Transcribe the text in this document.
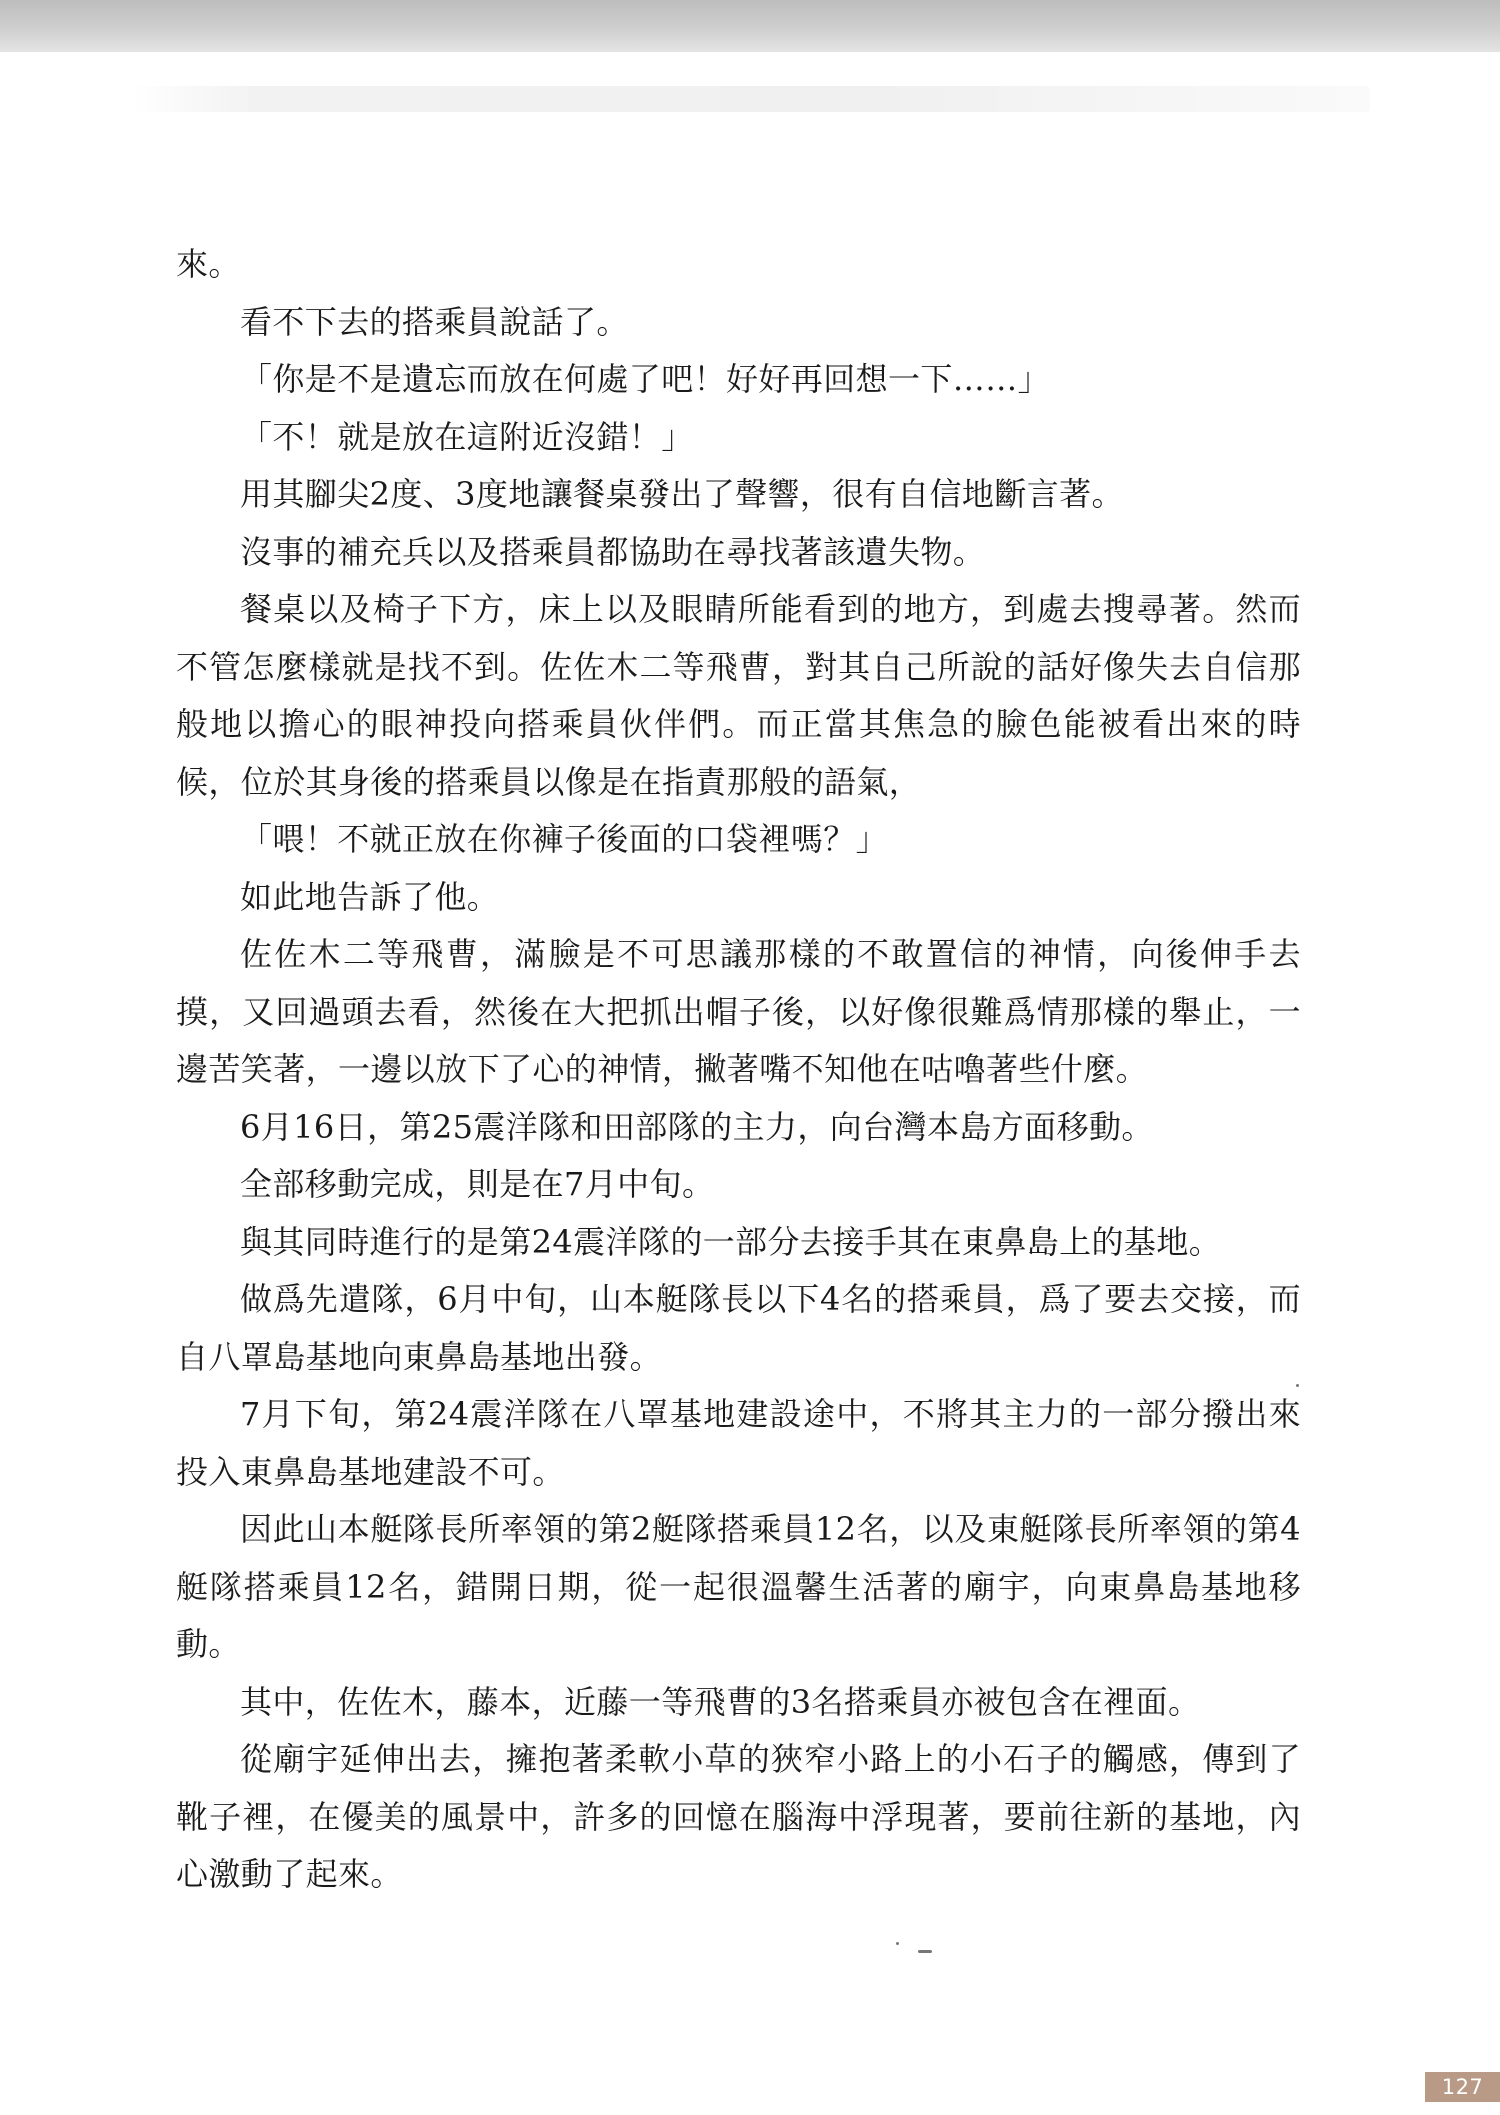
來。

看不下去的搭乘員說話了。

「你是不是遺忘而放在何處了吧！好好再回想一下……」

「不！就是放在這附近沒錯！」

用其腳尖2度、3度地讓餐桌發出了聲響，很有自信地斷言著。

沒事的補充兵以及搭乘員都協助在尋找著該遺失物。

餐桌以及椅子下方，床上以及眼睛所能看到的地方，到處去搜尋著。然而不管怎麼樣就是找不到。佐佐木二等飛曹，對其自己所說的話好像失去自信那般地以擔心的眼神投向搭乘員伙伴們。而正當其焦急的臉色能被看出來的時候，位於其身後的搭乘員以像是在指責那般的語氣，

「喂！不就正放在你褲子後面的口袋裡嗎？」

如此地告訴了他。

佐佐木二等飛曹，滿臉是不可思議那樣的不敢置信的神情，向後伸手去摸，又回過頭去看，然後在大把抓出帽子後，以好像很難爲情那樣的舉止，一邊苦笑著，一邊以放下了心的神情，撇著嘴不知他在咕嚕著些什麼。

6月16日，第25震洋隊和田部隊的主力，向台灣本島方面移動。

全部移動完成，則是在7月中旬。

與其同時進行的是第24震洋隊的一部分去接手其在東鼻島上的基地。

做爲先遣隊，6月中旬，山本艇隊長以下4名的搭乘員，爲了要去交接，而自八罩島基地向東鼻島基地出發。

7月下旬，第24震洋隊在八罩基地建設途中，不將其主力的一部分撥出來投入東鼻島基地建設不可。

因此山本艇隊長所率領的第2艇隊搭乘員12名，以及東艇隊長所率領的第4艇隊搭乘員12名，錯開日期，從一起很溫馨生活著的廟宇，向東鼻島基地移動。

其中，佐佐木，藤本，近藤一等飛曹的3名搭乘員亦被包含在裡面。

從廟宇延伸出去，擁抱著柔軟小草的狹窄小路上的小石子的觸感，傳到了靴子裡，在優美的風景中，許多的回憶在腦海中浮現著，要前往新的基地，內心激動了起來。

127
